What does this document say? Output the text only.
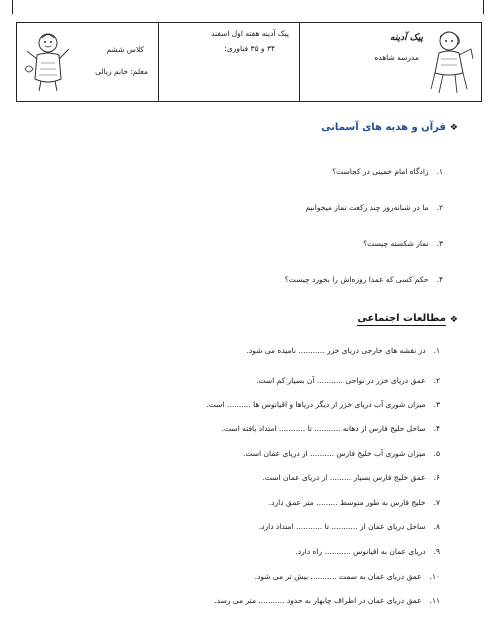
کلاس ششم
معلم: خانم زیالی
پیک آدینه هفته اول اسفند
۳۴ و ۳۵ فناوری:
پیک آدینه
مدرسه شاهده
❖
قرآن و هدیه های آسمانی
۱.زادگاه امام خمینی در کجاست؟
۲.ما در شبانه‌روز چند رکعت نماز میخوانیم
۳.نماز شکسته چیست؟
۴.حکم کسی که عمدا روزه‌اش را بخورد چیست؟
❖
مطالعات اجتماعی
۱.در نقشه های خارجی دریای خزر ........... نامیده می شود.
۲.عمق دریای خزر در نواحی ........... آن بسیار کم است.
۳.میزان شوری آب دریای خزر از دیگر دریاها و اقیانوس ها .......... است.
۴.ساحل خلیج فارس از دهانه ........... تا ........... امتداد یافته است.
۵.میزان شوری آب خلیج فارس .......... از دریای عمان است.
۶.عمق خلیج فارس بسیار ......... از دریای عمان است.
۷.خلیج فارس به طور متوسط ......... متر عمق دارد.
۸.ساحل دریای عمان از ........... تا ........... امتداد دارد.
۹.دریای عمان به اقیانوس ........... راه دارد.
۱۰.عمق دریای عمان به سمت ........... بیش تر می شود.
۱۱.عمق دریای عمان در اطراف چابهار به حدود ........... متر می رسد.
